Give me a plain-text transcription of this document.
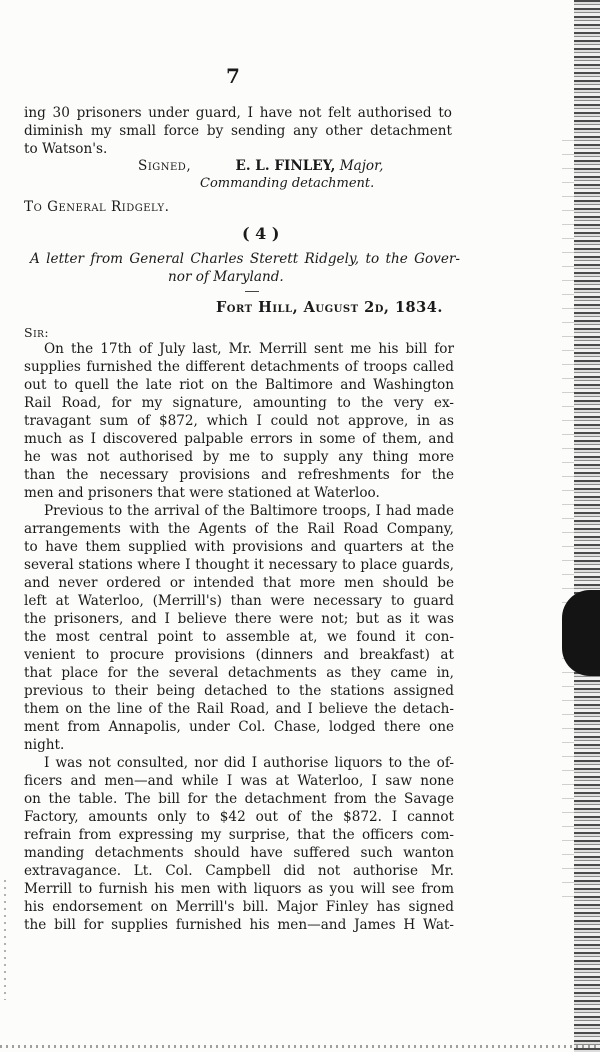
7
ing 30 prisoners under guard, I have not felt authorised to
diminish my small force by sending any other detachment
to Watson's.
Signed,	E. L. FINLEY, Major,
Commanding detachment.
To General Ridgely.
( 4 )
A letter from General Charles Sterett Ridgely, to the Gover-
nor of Maryland.
Fort Hill, August 2d, 1834.
Sir:
On the 17th of July last, Mr. Merrill sent me his bill for
supplies furnished the different detachments of troops called
out to quell the late riot on the Baltimore and Washington
Rail Road, for my signature, amounting to the very ex-
travagant sum of $872, which I could not approve, in as
much as I discovered palpable errors in some of them, and
he was not authorised by me to supply any thing more
than the necessary provisions and refreshments for the
men and prisoners that were stationed at Waterloo.
Previous to the arrival of the Baltimore troops, I had made
arrangements with the Agents of the Rail Road Company,
to have them supplied with provisions and quarters at the
several stations where I thought it necessary to place guards,
and never ordered or intended that more men should be
left at Waterloo, (Merrill's) than were necessary to guard
the prisoners, and I believe there were not; but as it was
the most central point to assemble at, we found it con-
venient to procure provisions (dinners and breakfast) at
that place for the several detachments as they came in,
previous to their being detached to the stations assigned
them on the line of the Rail Road, and I believe the detach-
ment from Annapolis, under Col. Chase, lodged there one
night.
I was not consulted, nor did I authorise liquors to the of-
ficers and men—and while I was at Waterloo, I saw none
on the table. The bill for the detachment from the Savage
Factory, amounts only to $42 out of the $872. I cannot
refrain from expressing my surprise, that the officers com-
manding detachments should have suffered such wanton
extravagance. Lt. Col. Campbell did not authorise Mr.
Merrill to furnish his men with liquors as you will see from
his endorsement on Merrill's bill. Major Finley has signed
the bill for supplies furnished his men—and James H Wat-
